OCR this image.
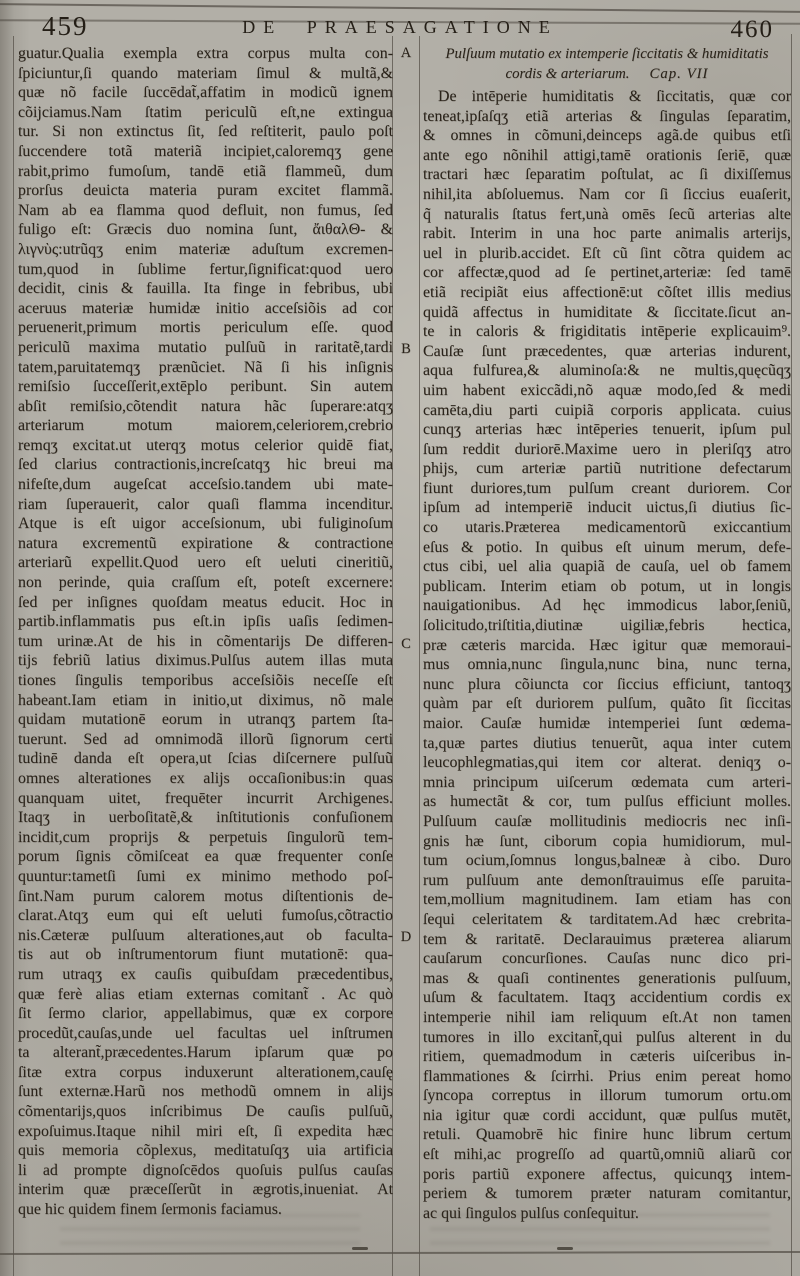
459	DE PRAESAGATIONE	460
guatur.Qualia exempla extra corpus multa con-
ſpiciuntur,ſi quando materiam ſimul & multã,&
quæ nõ facile ſuccēdat̃,affatim in modicũ ignem
cõijciamus.Nam ſtatim periculũ eſt,ne extingua
tur. Si non extinctus ſit, ſed reſtiterit, paulo poſt
ſuccendere totã materiã incipiet,caloremqʒ gene
rabit,primo fumoſum, tandē etiã flammeũ, dum
prorſus deuicta materia puram excitet flammã.
Nam ab ea flamma quod defluit, non fumus, ſed
fuligo eſt: Græcis duo nomina ſunt, ἄιθαλΘ- &
λιγνὺς:utrũqʒ enim materiæ aduſtum excremen-
tum,quod in ſublime fertur,ſignificat:quod uero
decidit, cinis & fauilla. Ita finge in febribus, ubi
aceruus materiæ humidæ initio acceſsiõis ad cor
peruenerit,primum mortis periculum eſſe. quod
periculũ maxima mutatio pulſuũ in raritatẽ,tardi
tatem,paruitatemqʒ prænũciet. Nã ſi his inſignis
remiſsio ſucceſſerit,extēplo peribunt. Sin autem
abſit remiſsio,cõtendit natura hãc ſuperare:atqʒ
arteriarum motum maiorem,celeriorem,crebrio
remqʒ excitat.ut uterqʒ motus celerior quidē fiat,
ſed clarius contractionis,increſcatqʒ hic breui ma
nifeſte,dum augeſcat acceſsio.tandem ubi mate-
riam ſuperauerit, calor quaſi flamma incenditur.
Atque is eſt uigor acceſsionum, ubi fuliginoſum
natura excrementũ expiratione & contractione
arteriarũ expellit.Quod uero eſt ueluti cineritiũ,
non perinde, quia craſſum eſt, poteſt excernere:
ſed per inſignes quoſdam meatus educit. Hoc in
partib.inflammatis pus eſt.in ipſis uaſis ſedimen-
tum urinæ.At de his in cõmentarijs De differen-
tijs febriũ latius diximus.Pulſus autem illas muta
tiones ſingulis temporibus acceſsiõis neceſſe eſt
habeant.Iam etiam in initio,ut diximus, nõ male
quidam mutationē eorum in utranqʒ partem ſta-
tuerunt. Sed ad omnimodã illorũ ſignorum certi
tudinē danda eſt opera,ut ſcias diſcernere pulſuũ
omnes alterationes ex alijs occaſionibus:in quas
quanquam uitet, frequēter incurrit Archigenes.
Itaqʒ in uerboſitatẽ,& inſtitutionis confuſionem
incidit,cum proprijs & perpetuis ſingulorũ tem-
porum ſignis cõmiſceat ea quæ frequenter conſe
quuntur:tametſi ſumi ex minimo methodo poſ-
ſint.Nam purum calorem motus diſtentionis de-
clarat.Atqʒ eum qui eſt ueluti fumoſus,cõtractio
nis.Cæteræ pulſuum alterationes,aut ob faculta-
tis aut ob inſtrumentorum fiunt mutationē: qua-
rum utraqʒ ex cauſis quibuſdam præcedentibus,
quæ ferè alias etiam externas comitant̃ . Ac quò
ſit ſermo clarior, appellabimus, quæ ex corpore
procedũt,cauſas,unde uel facultas uel inſtrumen
ta alterant̃,præcedentes.Harum ipſarum quæ po
ſitæ extra corpus induxerunt alterationem,cauſę
ſunt externæ.Harũ nos methodũ omnem in alijs
cõmentarijs,quos inſcribimus De cauſis pulſuũ,
expoſuimus.Itaque nihil miri eſt, ſi expedita hæc
quis memoria cõplexus, meditatuſqʒ uia artificia
li ad prompte dignoſcēdos quoſuis pulſus cauſas
interim quæ præceſſerũt in ægrotis,inueniat. At
que hic quidem finem ſermonis faciamus.
Pulſuum mutatio ex intemperie ſiccitatis & humiditatis
cordis & arteriarum. Cap. VII
De intēperie humiditatis & ſiccitatis, quæ cor
teneat,ipſaſqʒ etiã arterias & ſingulas ſeparatim,
& omnes in cõmuni,deinceps agã.de quibus etſi
ante ego nõnihil attigi,tamē orationis ſeriē, quæ
tractari hæc ſeparatim poſtulat, ac ſi dixiſſemus
nihil,ita abſoluemus. Nam cor ſi ſiccius euaſerit,
q̃ naturalis ſtatus fert,unà omēs ſecũ arterias alte
rabit. Interim in una hoc parte animalis arterijs,
uel in plurib.accidet. Eſt cũ ſint cõtra quidem ac
cor affectæ,quod ad ſe pertinet,arteriæ: ſed tamē
etiã recipiãt eius affectionē:ut cõſtet illis medius
quidã affectus in humiditate & ſiccitate.ſicut an-
te in caloris & frigiditatis intēperie explicauim⁹.
Cauſæ ſunt præcedentes, quæ arterias indurent,
aqua fulfurea,& aluminoſa:& ne multis,quęcũqʒ
uim habent exiccãdi,nõ aquæ modo,ſed & medi
camēta,diu parti cuipiã corporis applicata. cuius
cunqʒ arterias hæc intēperies tenuerit, ipſum pul
ſum reddit duriorē.Maxime uero in pleriſqʒ atro
phijs, cum arteriæ partiũ nutritione defectarum
fiunt duriores,tum pulſum creant duriorem. Cor
ipſum ad intemperiē inducit uictus,ſi diutius ſic-
co utaris.Præterea medicamentorũ exiccantium
eſus & potio. In quibus eſt uinum merum, defe-
ctus cibi, uel alia quapiã de cauſa, uel ob famem
publicam. Interim etiam ob potum, ut in longis
nauigationibus. Ad hęc immodicus labor,ſeniũ,
ſolicitudo,triſtitia,diutinæ uigiliæ,febris hectica,
præ cæteris marcida. Hæc igitur quæ memoraui-
mus omnia,nunc ſingula,nunc bina, nunc terna,
nunc plura cõiuncta cor ſiccius efficiunt, tantoqʒ
quàm par eſt duriorem pulſum, quãto ſit ſiccitas
maior. Cauſæ humidæ intemperiei ſunt œdema-
ta,quæ partes diutius tenuerũt, aqua inter cutem
leucophlegmatias,qui item cor alterat. deniqʒ o-
mnia principum uiſcerum œdemata cum arteri-
as humectãt & cor, tum pulſus efficiunt molles.
Pulſuum cauſæ mollitudinis mediocris nec inſi-
gnis hæ ſunt, ciborum copia humidiorum, mul-
tum ocium,ſomnus longus,balneæ à cibo. Duro
rum pulſuum ante demonſtrauimus eſſe paruita-
tem,mollium magnitudinem. Iam etiam has con
ſequi celeritatem & tarditatem.Ad hæc crebrita-
tem & raritatē. Declarauimus præterea aliarum
cauſarum concurſiones. Cauſas nunc dico pri-
mas & quaſi continentes generationis pulſuum,
uſum & facultatem. Itaqʒ accidentium cordis ex
intemperie nihil iam reliquum eſt.At non tamen
tumores in illo excitant̃,qui pulſus alterent in du
ritiem, quemadmodum in cæteris uiſceribus in-
flammationes & ſcirrhi. Prius enim pereat homo
ſyncopa correptus in illorum tumorum ortu.om
nia igitur quæ cordi accidunt, quæ pulſus mutēt,
retuli. Quamobrē hic finire hunc librum certum
eſt mihi,ac progreſſo ad quartũ,omniũ aliarũ cor
poris partiũ exponere affectus, quicunqʒ intem-
periem & tumorem præter naturam comitantur,
ac qui ſingulos pulſus conſequitur.
A
B
C
D
